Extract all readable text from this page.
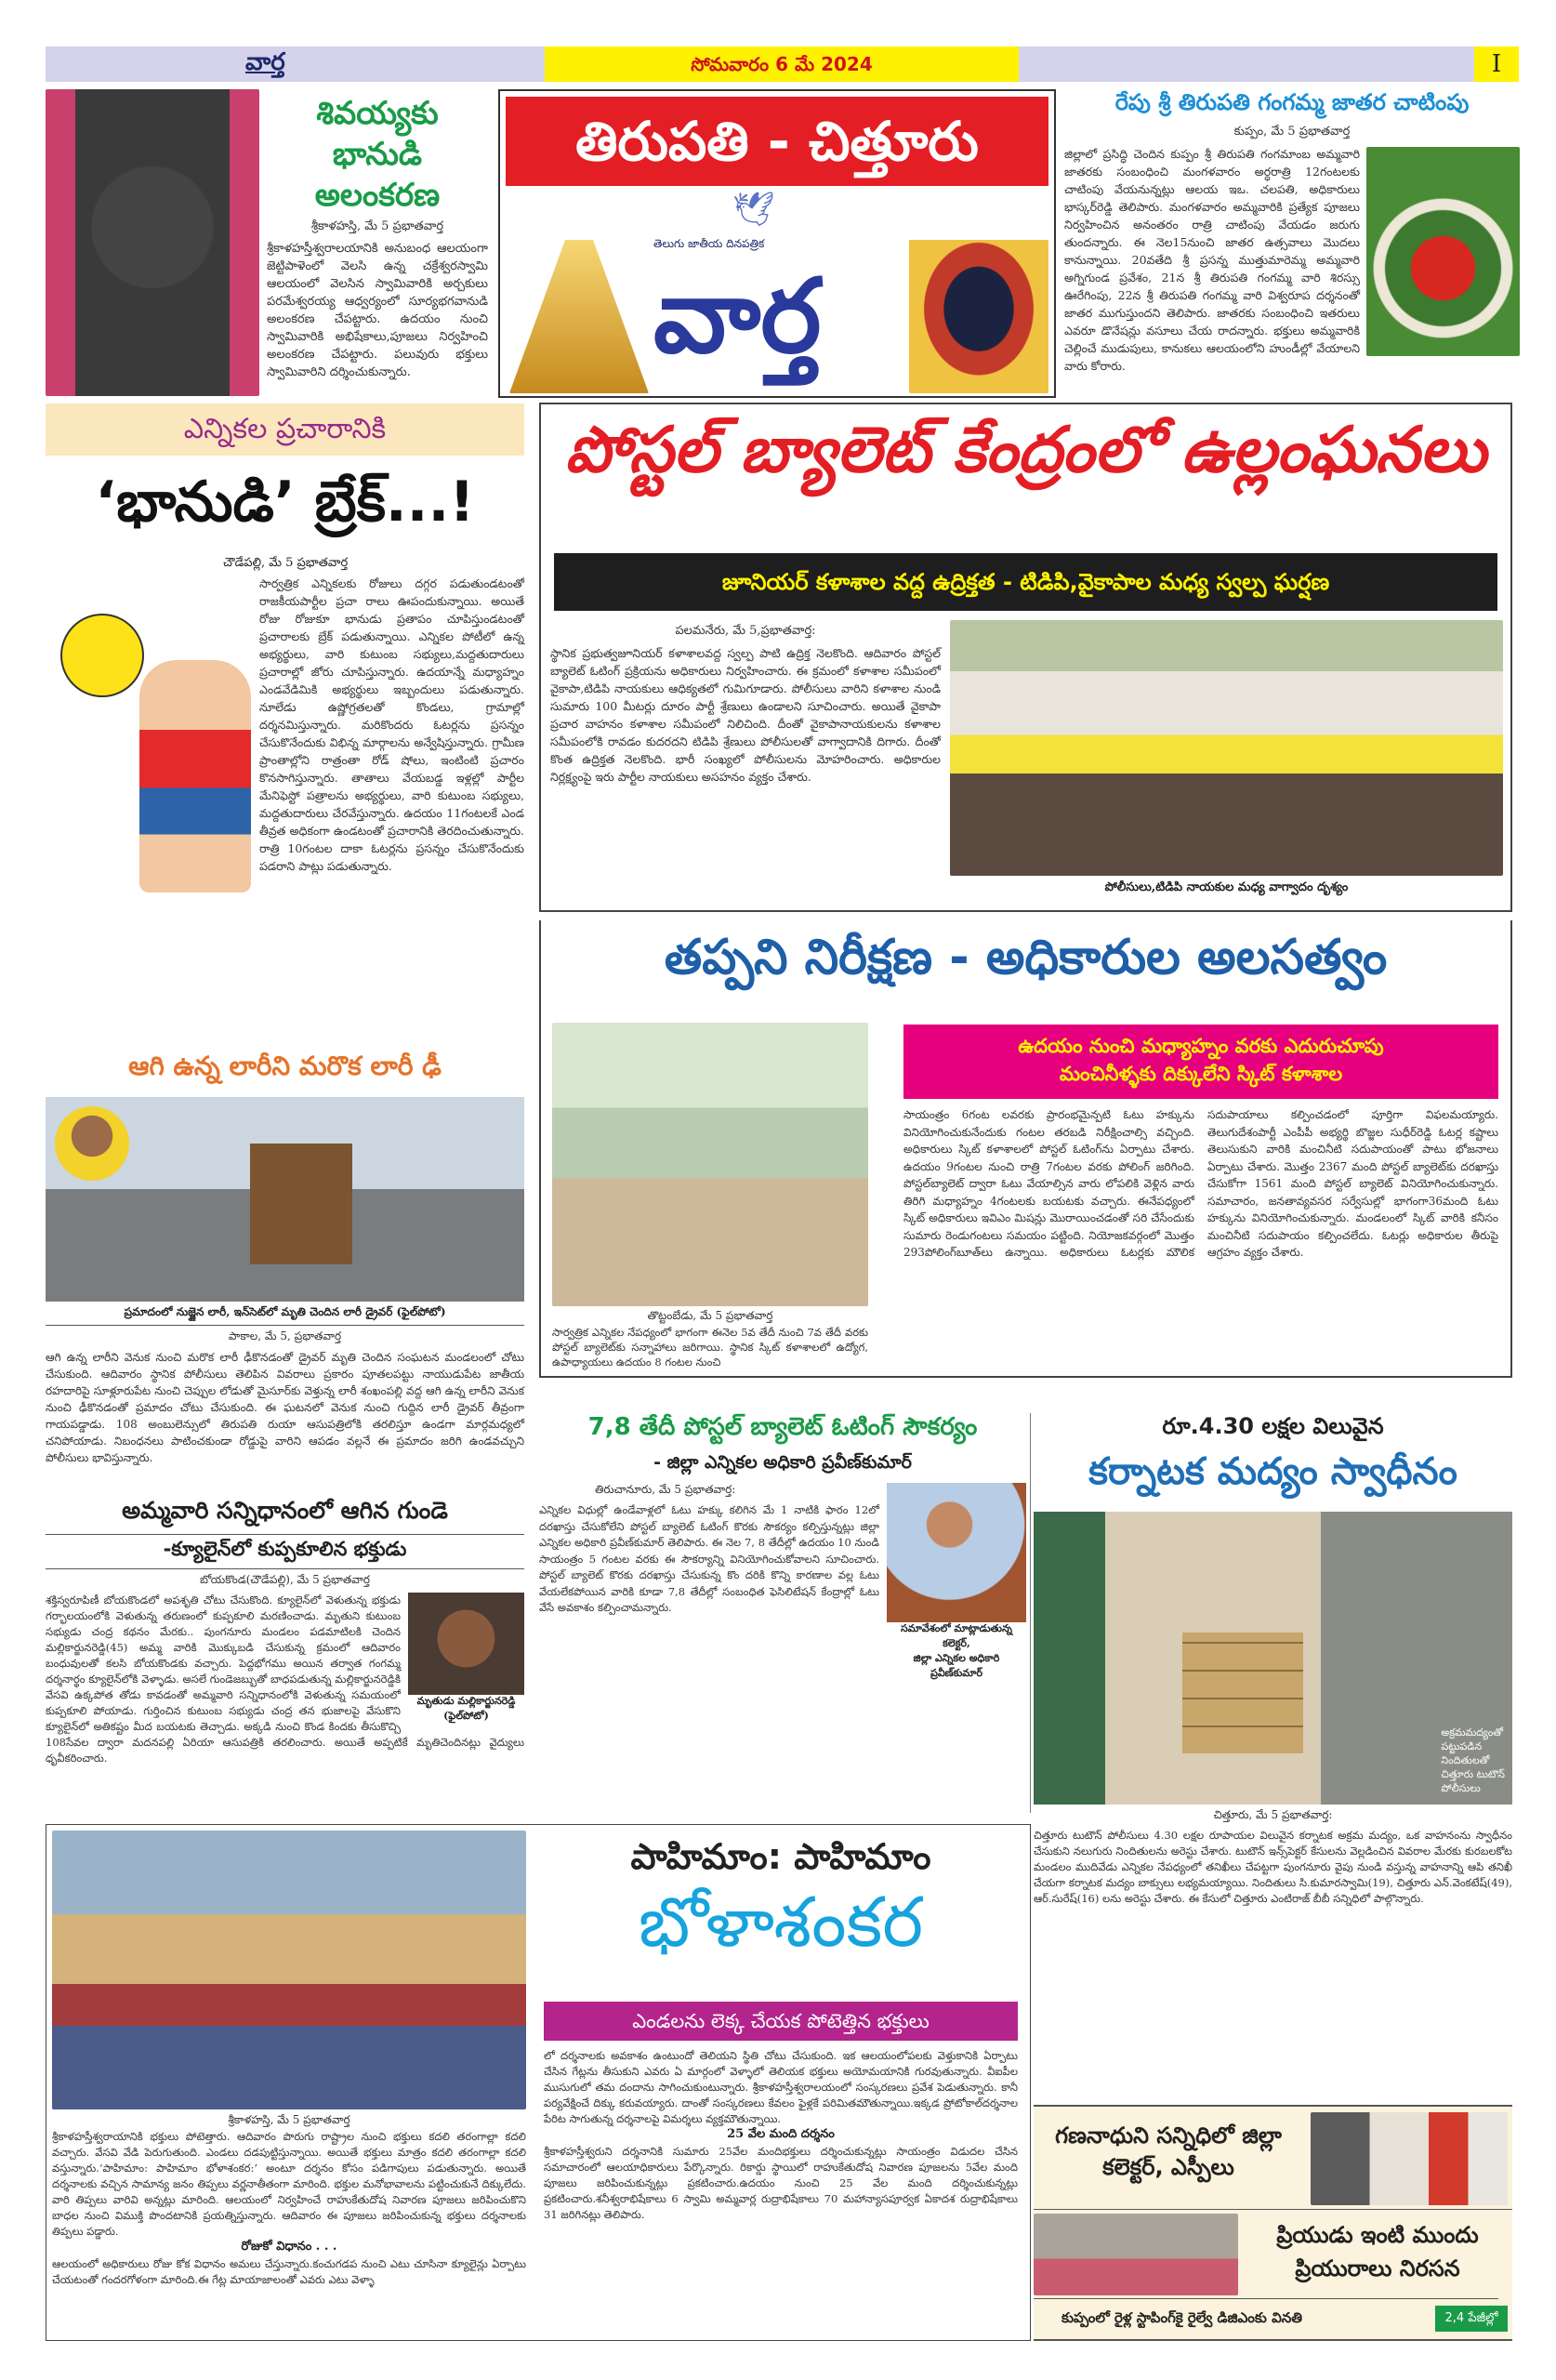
వార్త	సోమవారం 6 మే 2024	I
శివయ్యకు
భానుడి
అలంకరణ
శ్రీకాళహస్తి, మే 5 ప్రభాతవార్త
శ్రీకాళహస్తీశ్వరాలయానికి అనుబంధ ఆలయంగా జెట్టిపాళెంలో వెలసి ఉన్న చక్రేశ్వరస్వామి ఆలయంలో వెలసిన స్వామివారికి అర్చకులు పరమేశ్వరయ్య ఆధ్వర్యంలో సూర్యభగవానుడి అలంకరణ చేపట్టారు. ఉదయం నుంచి స్వామివారికి అభిషేకాలు,పూజలు నిర్వహించి అలంకరణ చేపట్టారు. పలువురు భక్తులు స్వామివారిని దర్శించుకున్నారు.
తిరుపతి - చిత్తూరు
🕊
తెలుగు జాతీయ దినపత్రిక
వార్త
రేపు శ్రీ తిరుపతి గంగమ్మ జాతర చాటింపు
కుప్పం, మే 5 ప్రభాతవార్త
జిల్లాలో ప్రసిద్ధి చెందిన కుప్పం శ్రీ తిరుపతి గంగమాంబ అమ్మవారి జాతరకు సంబంధించి మంగళవారం అర్ధరాత్రి 12గంటలకు చాటింపు వేయనున్నట్లు ఆలయ ఇఒ. చలపతి, అధికారులు భాస్కర్‌రెడ్డి తెలిపారు. మంగళవారం అమ్మవారికి ప్రత్యేక పూజలు నిర్వహించిన అనంతరం రాత్రి చాటింపు వేయడం జరుగు తుందన్నారు. ఈ నెల15నుంచి జాతర ఉత్సవాలు మొదలు కానున్నాయి. 20వతేది శ్రీ ప్రసన్న ముత్తుమారెమ్మ అమ్మవారి అగ్నిగుండ ప్రవేశం, 21న శ్రీ తిరుపతి గంగమ్మ వారి శిరస్సు ఊరేగింపు, 22న శ్రీ తిరుపతి గంగమ్మ వారి విశ్వరూప దర్శనంతో జాతర ముగుస్తుందని తెలిపారు. జాతరకు సంబంధించి ఇతరులు ఎవరూ డొనేషన్లు వసూలు చేయ రాదన్నారు. భక్తులు అమ్మవారికి చెల్లించే ముడుపులు, కానుకలు ఆలయంలోని హుండీల్లో వేయాలని వారు కోరారు.
ఎన్నికల ప్రచారానికి
‘భానుడి’ బ్రేక్...!
చౌడేపల్లి, మే 5 ప్రభాతవార్త
సార్వత్రిక ఎన్నికలకు రోజులు దగ్గర పడుతుండటంతో రాజకీయపార్టీల ప్రచా రాలు ఊపందుకున్నాయి. అయితే రోజు రోజుకూ భానుడు ప్రతాపం చూపిస్తుండటంతో ప్రచారాలకు బ్రేక్ పడుతున్నాయి. ఎన్నికల పోటీలో ఉన్న అభ్యర్థులు, వారి కుటుంబ సభ్యులు,మద్దతుదారులు ప్రచారాల్లో జోరు చూపిస్తున్నారు. ఉదయాన్నే మధ్యాహ్నం ఎండవేడిమికి అభ్యర్థులు ఇబ్బందులు పడుతున్నారు. నూలేడు ఉష్ణోగ్రతలతో కొండలు, గ్రామాల్లో దర్శనమిస్తున్నారు. మరికొందరు ఓటర్లను ప్రసన్నం చేసుకొనేందుకు విభిన్న మార్గాలను అన్వేషిస్తున్నారు. గ్రామీణ ప్రాంతాల్లోని రాత్రంతా రోడ్ షోలు, ఇంటింటి ప్రచారం కొనసాగిస్తున్నారు. తాతాలు వేయబడ్డ ఇళ్లల్లో పార్టీల మేనిఫెస్టో పత్రాలను అభ్యర్థులు, వారి కుటుంబ సభ్యులు, మద్దతుదారులు చేరవేస్తున్నారు. ఉదయం 11గంటలకే ఎండ తీవ్రత అధికంగా ఉండటంతో ప్రచారానికి తెరదించుతున్నారు. రాత్రి 10గంటల దాకా ఓటర్లను ప్రసన్నం చేసుకొనేందుకు పడరాని పాట్లు పడుతున్నారు.
పోస్టల్ బ్యాలెట్ కేంద్రంలో ఉల్లంఘనలు
జూనియర్ కళాశాల వద్ద ఉద్రిక్తత - టిడిపి,వైకాపాల మధ్య స్వల్ప ఘర్షణ
పలమనేరు, మే 5,ప్రభాతవార్త:
స్థానిక ప్రభుత్వజూనియర్ కళాశాలవద్ద స్వల్ప పాటి ఉద్రిక్త నెలకొంది. ఆదివారం పోస్టల్ బ్యాలెట్ ఓటింగ్ ప్రక్రియను అధికారులు నిర్వహించారు. ఈ క్రమంలో కళాశాల సమీపంలో వైకాపా,టిడిపి నాయకులు ఆధిక్యతలో గుమిగూడారు. పోలీసులు వారిని కళాశాల నుండి సుమారు 100 మీటర్లు దూరం పార్టీ శ్రేణులు ఉండాలని సూచించారు. అయితే వైకాపా ప్రచార వాహనం కళాశాల సమీపంలో నిలిచింది. దీంతో వైకాపానాయకులను కళాశాల సమీపంలోకి రావడం కుదరదని టిడిపి శ్రేణులు పోలీసులతో వాగ్వాదానికి దిగారు. దీంతో కొంత ఉద్రిక్తత నెలకొంది. భారీ సంఖ్యలో పోలీసులను మోహరించారు. అధికారుల నిర్లక్ష్యంపై ఇరు పార్టీల నాయకులు అసహనం వ్యక్తం చేశారు.
పోలీసులు,టిడిపి నాయకుల మధ్య వాగ్వాదం దృశ్యం
తప్పని నిరీక్షణ - అధికారుల అలసత్వం
ఉదయం నుంచి మధ్యాహ్నం వరకు ఎదురుచూపు
మంచినీళ్ళకు దిక్కులేని స్కిట్ కళాశాల
తొట్టంబేడు, మే 5 ప్రభాతవార్త
సార్వత్రిక ఎన్నికల నేపధ్యంలో భాగంగా ఈనెల 5వ తేదీ నుంచి 7వ తేదీ వరకు పోస్టల్ బ్యాలెట్‌కు సన్నాహాలు జరిగాయి. స్థానిక స్కిట్ కళాశాలలో ఉద్యోగ, ఉపాధ్యాయలు ఉదయం 8 గంటల నుంచి
సాయంత్రం 6గంట లవరకు ప్రారంభమైన్పటి ఓటు హక్కును వినియోగించుకునేందుకు గంటల తరబడి నిరీక్షించాల్సి వచ్చింది. అధికారులు స్కిట్ కళాశాలలో పోస్టల్ ఓటింగ్‌ను ఏర్పాటు చేశారు. ఉదయం 9గంటల నుంచి రాత్రి 7గంటల వరకు పోలింగ్ జరిగింది. పోస్టల్‌బ్యాలెట్ ద్వారా ఓటు వేయాల్సిన వారు లోపలికి వెళ్లిన వారు తిరిగి మధ్యాహ్నం 4గంటలకు బయటకు వచ్చారు. ఈనేపధ్యంలో స్కిట్ అధికారులు ఇవిఎం మిషన్లు మొరాయించడంతో సరి చేసేందుకు సుమారు రెండుగంటలు సమయం పట్టింది. నియోజకవర్గంలో మొత్తం 293పోలింగ్‌బూత్‌లు ఉన్నాయి. అధికారులు ఓటర్లకు మౌలిక సదుపాయాలు కల్పించడంలో పూర్తిగా విఫలమయ్యారు. తెలుగుదేశంపార్టీ ఎంపీపీ అభ్యర్థి బొజ్జల సుధీర్‌రెడ్డి ఓటర్ల కష్టాలు తెలుసుకుని వారికి మంచినీటి సదుపాయంతో పాటు భోజనాలు ఏర్పాటు చేశారు. మొత్తం 2367 మంది పోస్టల్ బ్యాలెట్‌కు దరఖాస్తు చేసుకోగా 1561 మంది పోస్టల్ బ్యాలెట్ వినియోగించుకున్నారు. సమాచారం, జనతావ్యవసర సర్వేసుల్లో భాగంగా36మంది ఓటు హక్కును వినియోగించుకున్నారు. మండలంలో స్కిట్ వారికి కనీసం మంచినీటి సదుపాయం కల్పించలేదు. ఓటర్లు అధికారుల తీరుపై ఆగ్రహం వ్యక్తం చేశారు.
ఆగి ఉన్న లారీని మరొక లారీ ఢీ
ప్రమాదంలో నుజ్జైన లారీ, ఇన్‌సెట్‌లో మృతి చెందిన లారీ డ్రైవర్ (ఫైల్‌పోటో)
పాకాల, మే 5, ప్రభాతవార్త
ఆగి ఉన్న లారీని వెనుక నుంచి మరొక లారీ ఢీకొనడంతో డ్రైవర్ మృతి చెందిన సంఘటన మండలంలో చోటు చేసుకుంది. ఆదివారం స్థానిక పోలీసులు తెలిపిన వివరాలు ప్రకారం పూతలపట్టు నాయుడుపేట జాతీయ రహదారిపై సూళ్లూరుపేట నుంచి చెప్పుల లోడుతో మైసూర్‌కు వెళ్తున్న లారీ శంఖంపల్లి వద్ద ఆగి ఉన్న లారీని వెనుక నుంచి ఢీకొనడంతో ప్రమాదం చోటు చేసుకుంది. ఈ ఘటనలో వెనుక నుంచి గుద్దిన లారీ డ్రైవర్ తీవ్రంగా గాయపడ్డాడు. 108 అంబులెన్సులో తిరుపతి రుయా ఆసుపత్రిలోకి తరలిస్తూ ఉండగా మార్గమధ్యలో చనిపోయాడు. నిబంధనలు పాటించకుండా రోడ్డుపై వారిని ఆపడం వల్లనే ఈ ప్రమాదం జరిగి ఉండవచ్చుని పోలీసులు భావిస్తున్నారు.
అమ్మవారి సన్నిధానంలో ఆగిన గుండె
-క్యూలైన్‌లో కుప్పకూలిన భక్తుడు
బోయకొండ(చౌడేపల్లి), మే 5 ప్రభాతవార్త
మృతుడు మల్లికార్జునరెడ్డి
(ఫైల్‌పోటో)
శక్తిస్వరూపిణీ బోయకొండలో అపశృతి చోటు చేసుకొంది. క్యూలైన్‌లో వెళుతున్న భక్తుడు గర్భాలయంలోకి వెళుతున్న తరుణంలో కుప్పకూలి మరణించాడు. మృతుని కుటుంబ సభ్యుడు చంద్ర కథనం మేరకు.. పుంగనూరు మండలం పడమాటిలకి చెందిన మల్లికార్జునరెడ్డి(45) అమ్మ వారికి మొక్కుబడి చేసుకున్న క్రమంలో ఆదివారం బంధువులతో కలసి బోయకొండకు వచ్చారు. పెద్దభోగము అయిన తర్వాత గంగమ్మ దర్శనార్థం క్యూలైన్‌లోకి వెళ్ళాడు. అసలే గుండెజబ్బుతో బాధపడుతున్న మల్లికార్జునరెడ్డికి వేసవి ఉక్కపోత తోడు కావడంతో అమ్మవారి సన్నిధానంలోకి వెళుతున్న సమయంలో కుప్పకూలి పోయాడు. గుర్తించిన కుటుంబ సభ్యుడు చంద్ర తన భుజాలపై వేసుకొని క్యూలైన్‌లో అతికష్టం మీద బయటకు తెచ్చాడు. అక్కడి నుంచి కొండ కిందకు తీసుకొచ్చి 108సేవల ద్వారా మదనపల్లి ఏరియా ఆసుపత్రికి తరలించారు. అయితే అప్పటికే మృతిచెందినట్లు వైద్యులు ధృవీకరించారు.
7,8 తేదీ పోస్టల్ బ్యాలెట్ ఓటింగ్ సౌకర్యం
- జిల్లా ఎన్నికల అధికారి ప్రవీణ్‌కుమార్
సమావేశంలో మాట్లాడుతున్న కలెక్టర్,
జిల్లా ఎన్నికల అధికారి ప్రవీణ్‌కుమార్
తిరుచానూరు, మే 5 ప్రభాతవార్త:
ఎన్నికల విధుల్లో ఉండేవాళ్లలో ఓటు హక్కు కలిగిన మే 1 నాటికి ఫారం 12లో దరఖాస్తు చేసుకోలేని పోస్టల్ బ్యాలెట్ ఓటింగ్ కొరకు సౌకర్యం కల్పిస్తున్నట్లు జిల్లా ఎన్నికల అధికారి ప్రవీణ్‌కుమార్ తెలిపారు. ఈ నెల 7, 8 తేదీల్లో ఉదయం 10 నుండి సాయంత్రం 5 గంటల వరకు ఈ సౌకర్యాన్ని వినియోగించుకోవాలని సూచించారు. పోస్టల్ బ్యాలెట్ కొరకు దరఖాస్తు చేసుకున్న కొం దరికి కొన్ని కారణాల వల్ల ఓటు వేయలేకపోయిన వారికి కూడా 7,8 తేదీల్లో సంబంధిత ఫెసిలిటేషన్ కేంద్రాల్లో ఓటు వేసే అవకాశం కల్పించామన్నారు.
రూ.4.30 లక్షల విలువైన
కర్నాటక మద్యం స్వాధీనం
అక్రమమద్యంతో
పట్టుపడిన
నిందితులతో
చిత్తూరు టుటౌన్
పోలీసులు
చిత్తూరు, మే 5 ప్రభాతవార్త:
చిత్తూరు టుటౌన్ పోలీసులు 4.30 లక్షల రూపాయల విలువైన కర్నాటక అక్రమ మద్యం, ఒక వాహనంను స్వాధీనం చేసుకుని నలుగురు నిందితులను అరెస్టు చేశారు. టుటౌన్ ఇన్స్‌పెక్టర్ కేసులను వెల్లడించిన వివరాల మేరకు కురబలకోట మండలం ముదివేడు ఎన్నికల నేపధ్యంలో తనిఖీలు చేపట్టగా పుంగనూరు వైపు నుండి వస్తున్న వాహనాన్ని ఆపి తనిఖీ చేయగా కర్నాటక మద్యం బాక్సులు లభ్యమయ్యాయి. నిందితులు సి.కుమారస్వామి(19), చిత్తూరు ఎన్.వెంకటేష్(49), ఆర్.సురేష్(16) లను అరెస్టు చేశారు. ఈ కేసులో చిత్తూరు ఎంటిరాజ్ బీబీ సన్నిధిలో పాల్గొన్నారు.
పాహిమాం: పాహిమాం
భోళాశంకర
ఎండలను లెక్క చేయక పోటెత్తిన భక్తులు
శ్రీకాళహస్తి, మే 5 ప్రభాతవార్త
శ్రీకాళహస్తీశ్వరాయానికి భక్తులు పోటెత్తారు. ఆదివారం పొరుగు రాష్ట్రాల నుంచి భక్తులు కదలి తరంగాల్లా కదలి వచ్చారు. వేసవి వేడి పెరుగుతుంది. ఎండలు దడపుట్టిస్తున్నాయి. అయితే భక్తులు మాత్రం కదలి తరంగాల్లా కదలి వస్తున్నారు.‘పాహిమాం: పాహిమాం భోళాశంకర:’ అంటూ దర్శనం కోసం పడిగాపులు పడుతున్నారు. అయితే దర్శనాలకు వచ్చిన సామాన్య జనం తిప్పలు వర్ణనాతీతంగా మారింది. భక్తుల మనోభావాలను పట్టించుకునే దిక్కులేదు. వారి తిప్పలు వారివి అన్నట్లు మారింది. ఆలయంలో నిర్వహించే రాహుకేతుదోష నివారణ పూజలు జరిపించుకొని బాధల నుంచి విముక్తి పొందటానికి ప్రయత్నిస్తున్నారు. ఆదివారం ఈ పూజలు జరిపించుకున్న భక్తులు దర్శనాలకు తిప్పలు పడ్డారు.
రోజుకో విధానం . . .
ఆలయంలో అధికారులు రోజు కోక విధానం అమలు చేస్తున్నారు.కంచుగడప నుంచి ఎటు చూసినా క్యూలైన్లు ఏర్పాటు చేయటంతో గందరగోళంగా మారింది.ఈ గేట్ల మాయాజాలంతో ఎవరు ఎటు వెళ్ళా
లో దర్శనాలకు అవకాశం ఉంటుందో తెలియని స్థితి చోటు చేసుకుంది. ఇక ఆలయంలోపలకు వెళ్తుకానికి ఏర్పాటు చేసిన గేట్లను తీసుకుని ఎవరు ఏ మార్గంలో వెళ్ళాలో తెలియక భక్తులు అయోమయానికి గురవుతున్నారు. వీఐపీల ముసుగులో తమ దందాను సాగించుకుంటున్నారు. శ్రీకాళహస్తీశ్వరాలయంలో సంస్కరణలు ప్రవేశ పెడుతున్నారు. కానీ పర్యవేక్షించే దిక్కు కరువయ్యారు. దాంతో సంస్కరణలు కేవలం ఫైళ్లకే పరిమితమౌతున్నాయి.ఇక్కడ ప్రోటోకాల్‌దర్శనాల పేరిట సాగుతున్న దర్శనాలపై విమర్శలు వ్యక్తమౌతున్నాయి.
25 వేల మంది దర్శనం
శ్రీకాళహస్తీశ్వరుని దర్శనానికి సుమారు 25వేల మందిభక్తులు దర్శించుకున్నట్లు సాయంత్రం విడుదల చేసిన సమాచారంలో ఆలయాధికారులు పేర్కొన్నారు. రికార్డు స్థాయిలో రాహుకేతుదోష నివారణ పూజలను 5వేల మంది పూజలు జరిపించుకున్నట్లు ప్రకటించారు.ఉదయం నుంచి 25 వేల మంది దర్శించుకున్నట్లు ప్రకటించారు.శనీశ్వరాభిషేకాలు 6 స్వామి అమ్మవార్ల రుద్రాభిషేకాలు 70 మహాన్యాసపూర్వక ఏకాదశ రుద్రాభిషేకాలు 31 జరిగినట్లు తెలిపారు.
గణనాధుని సన్నిధిలో జిల్లా
కలెక్టర్, ఎస్పీలు
ప్రియుడు ఇంటి ముందు
ప్రియురాలు నిరసన
కుప్పంలో రైళ్ల స్టాపింగ్‌కై రైల్వే డిజిఎంకు వినతి	2,4 పేజీల్లో
